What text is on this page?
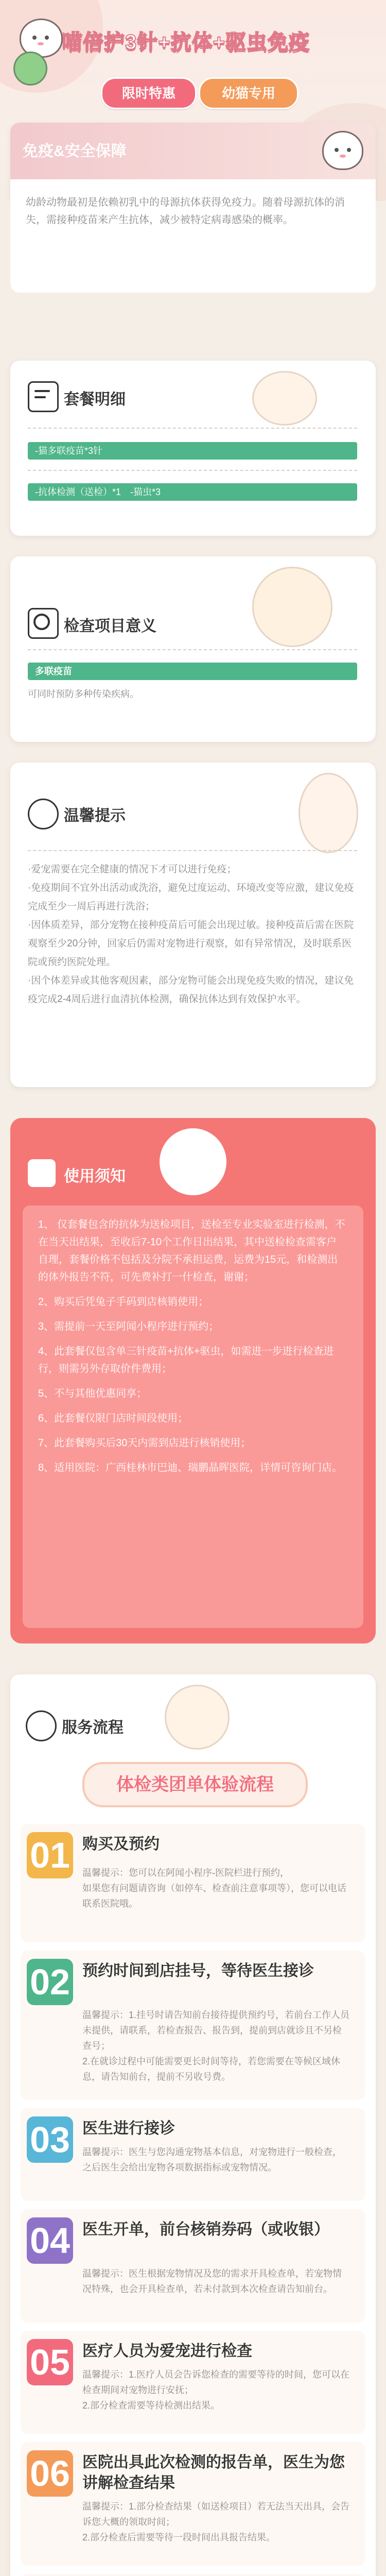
喵倍护3针+抗体+驱虫免疫
限时特惠	幼猫专用
免疫&安全保障
幼龄动物最初是依赖初乳中的母源抗体获得免疫力。随着母源抗体的消失，需接种疫苗来产生抗体，减少被特定病毒感染的概率。
套餐明细
-猫多联疫苗*3针
-抗体检测（送检）*1　-猫虫*3
检查项目意义
多联疫苗
可同时预防多种传染疾病。
温馨提示
·爱宠需要在完全健康的情况下才可以进行免疫；
·免疫期间不宜外出活动或洗浴，避免过度运动、环境改变等应激，建议免疫完成至少一周后再进行洗浴；
·因体质差异，部分宠物在接种疫苗后可能会出现过敏。接种疫苗后需在医院观察至少20分钟，回家后仍需对宠物进行观察，如有异常情况，及时联系医院或预约医院处理。
·因个体差异或其他客观因素，部分宠物可能会出现免疫失败的情况，建议免疫完成2-4周后进行血清抗体检测，确保抗体达到有效保护水平。
使用须知
1、 仅套餐包含的抗体为送检项目，送检至专业实验室进行检测，不在当天出结果，至收后7-10个工作日出结果，其中送检检查需客户自理，套餐价格不包括及分院不承担运费，运费为15元，和检测出的体外报告不符，可先费补打一什检查，谢谢；
2、购买后凭兔子手码到店核销使用；
3、需提前一天至阿闻小程序进行预约；
4、此套餐仅包含单三针疫苗+抗体+驱虫，如需进一步进行检查进行，则需另外存取价件费用；
5、不与其他优惠同享；
6、此套餐仅限门店时间段使用；
7、此套餐购买后30天内需到店进行核销使用；
8、适用医院：广西桂林市巴迪、瑞鹏晶晖医院，详情可咨询门店。
服务流程
体检类团单体验流程
01 购买及预约
温馨提示：您可以在阿闻小程序-医院栏进行预约，
如果您有问题请咨询（如停车、检查前注意事项等），您可以电话联系医院哦。
02 预约时间到店挂号，等待医生接诊
温馨提示：1.挂号时请告知前台接待提供预约号，若前台工作人员未提供，请联系，若检查报告、报告到，提前到店就诊且不另检查号；
2.在就诊过程中可能需要更长时间等待，若您需要在等候区域休息，请告知前台，提前不另收号费。
03 医生进行接诊
温馨提示：医生与您沟通宠物基本信息，对宠物进行一般检查，之后医生会给出宠物各项数据指标或宠物情况。
04 医生开单，前台核销券码（或收银）
温馨提示：医生根据宠物情况及您的需求开具检查单，若宠物情况特殊，也会开具检查单，若未付款到本次检查请告知前台。
05 医疗人员为爱宠进行检查
温馨提示：1.医疗人员会告诉您检查的需要等待的时间，您可以在检查期间对宠物进行安抚；
2.部分检查需要等待检测出结果。
06 医院出具此次检测的报告单，医生为您讲解检查结果
温馨提示：1.部分检查结果（如送检项目）若无法当天出具，会告诉您大概的领取时间；
2.部分检查后需要等待一段时间出具报告结果。
